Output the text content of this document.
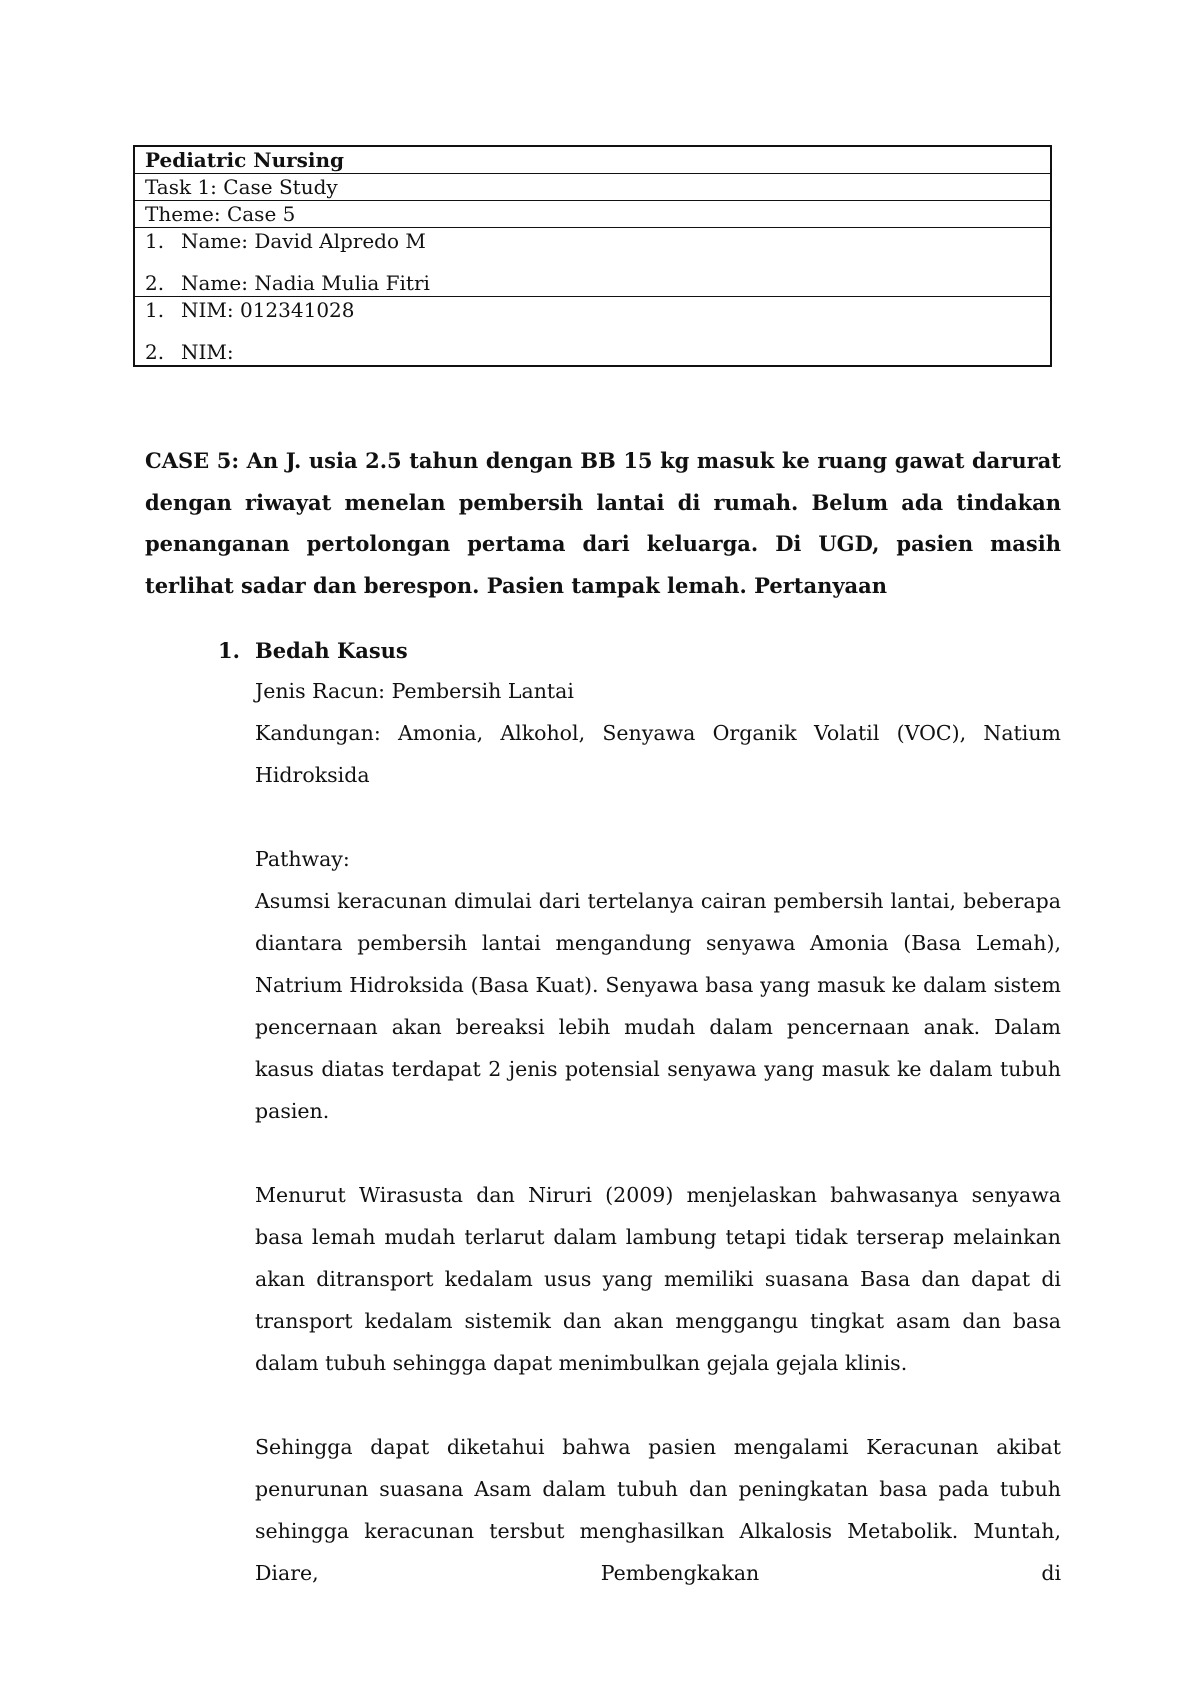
Pediatric Nursing
Task 1: Case Study
Theme: Case 5
1. Name: David Alpredo M
2. Name: Nadia Mulia Fitri
1. NIM: 012341028
2. NIM:
CASE 5: An J. usia 2.5 tahun dengan BB 15 kg masuk ke ruang gawat darurat dengan riwayat menelan pembersih lantai di rumah. Belum ada tindakan penanganan pertolongan pertama dari keluarga. Di UGD, pasien masih terlihat sadar dan berespon. Pasien tampak lemah. Pertanyaan
1. Bedah Kasus

Jenis Racun: Pembersih Lantai

Kandungan: Amonia, Alkohol, Senyawa Organik Volatil (VOC), Natium Hidroksida

Pathway:

Asumsi keracunan dimulai dari tertelanya cairan pembersih lantai, beberapa diantara pembersih lantai mengandung senyawa Amonia (Basa Lemah), Natrium Hidroksida (Basa Kuat). Senyawa basa yang masuk ke dalam sistem pencernaan akan bereaksi lebih mudah dalam pencernaan anak. Dalam kasus diatas terdapat 2 jenis potensial senyawa yang masuk ke dalam tubuh pasien.

Menurut Wirasusta dan Niruri (2009) menjelaskan bahwasanya senyawa basa lemah mudah terlarut dalam lambung tetapi tidak terserap melainkan akan ditransport kedalam usus yang memiliki suasana Basa dan dapat di transport kedalam sistemik dan akan menggangu tingkat asam dan basa dalam tubuh sehingga dapat menimbulkan gejala gejala klinis.

Sehingga dapat diketahui bahwa pasien mengalami Keracunan akibat penurunan suasana Asam dalam tubuh dan peningkatan basa pada tubuh sehingga keracunan tersbut menghasilkan Alkalosis Metabolik. Muntah, Diare, Pembengkakan di
